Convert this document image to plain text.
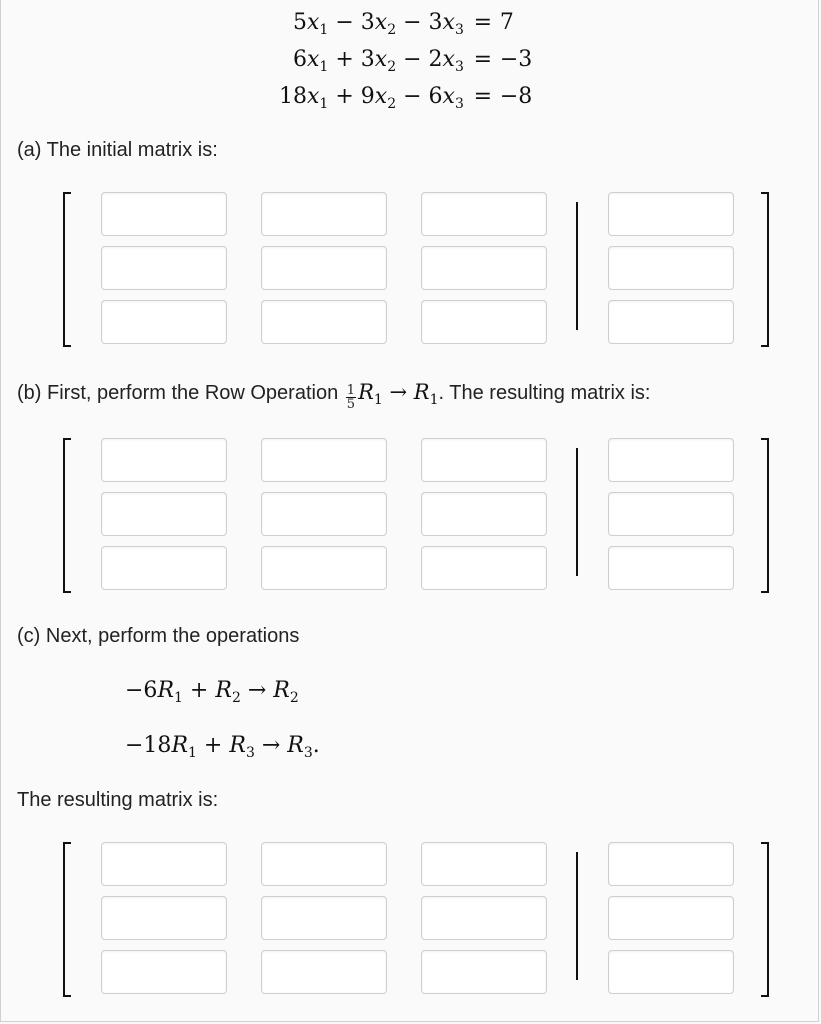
$5x_1 - 3x_2 - 3x_3$	=	7
$6x_1 + 3x_2 - 2x_3$	=	−3
$18x_1 + 9x_2 - 6x_3$	=	−8
(a) The initial matrix is:
(b) First, perform the Row Operation $\frac{1}{5} R_1 \to R_1$. The resulting matrix is:
(c) Next, perform the operations
$-6R_1 + R_2 \to R_2$
$-18R_1 + R_3 \to R_3$.
The resulting matrix is:
